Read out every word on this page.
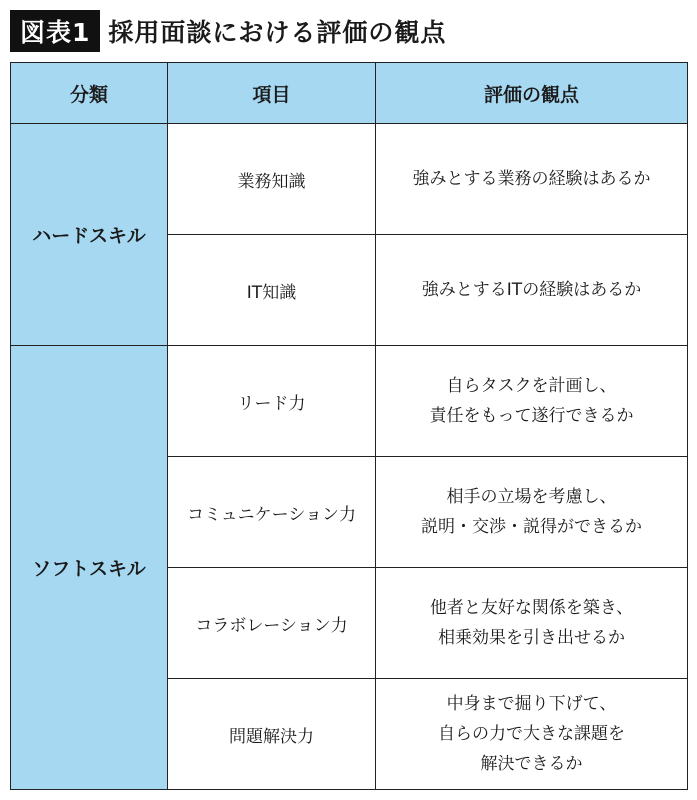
図表1 採用面談における評価の観点
分類	項目	評価の観点
ハードスキル	業務知識	強みとする業務の経験はあるか

	IT知識	強みとするITの経験はあるか

ソフトスキル	リード力	自らタスクを計画し、
責任をもって遂行できるか

	コミュニケーション力	相手の立場を考慮し、
説明・交渉・説得ができるか

	コラボレーション力	他者と友好な関係を築き、
相乗効果を引き出せるか

	問題解決力	中身まで掘り下げて、
自らの力で大きな課題を
解決できるか
